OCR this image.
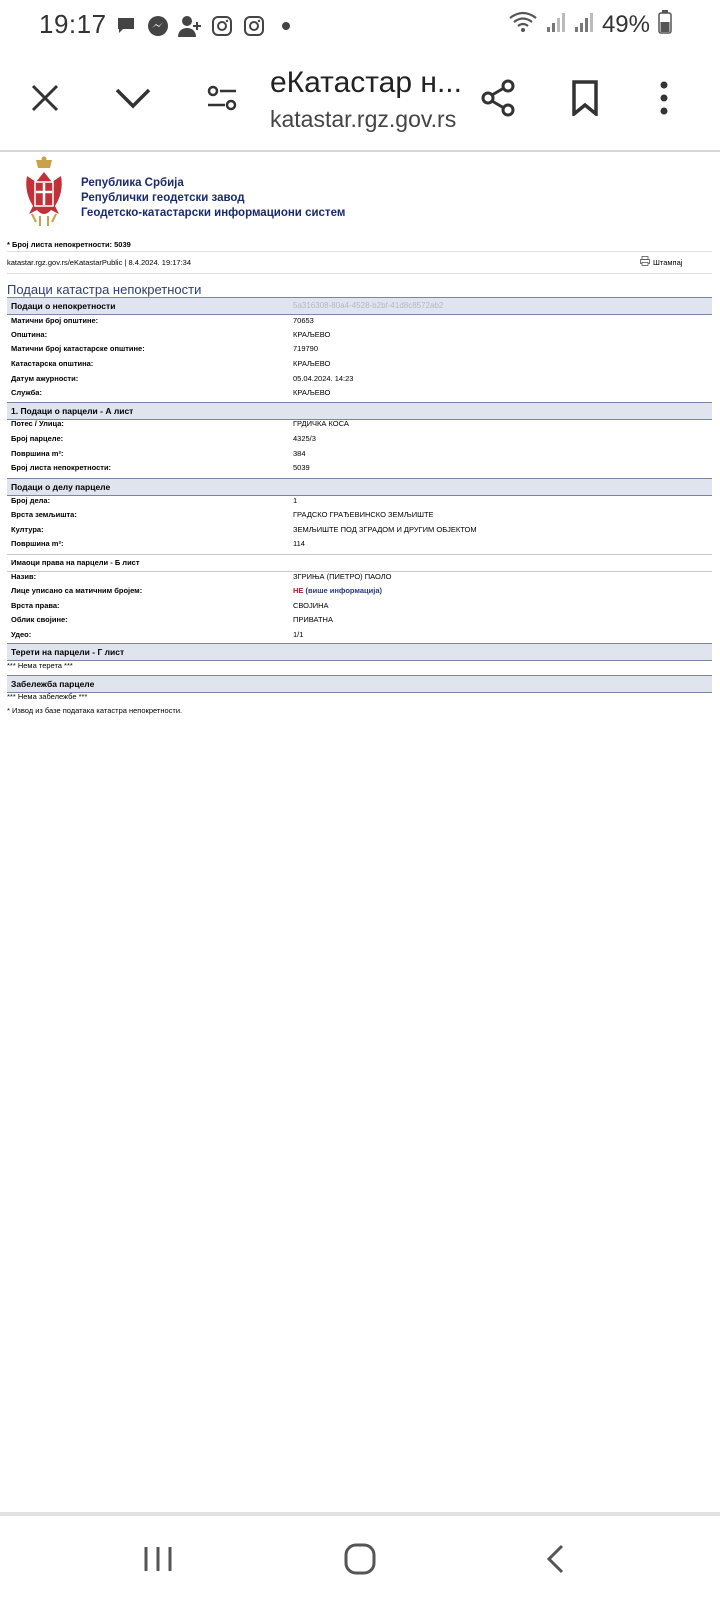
19:17	49%
eКатастар н...
katastar.rgz.gov.rs
Република Србија
Републички геодетски завод
Геодетско-катастарски информациони систем
* Број листа непокретности: 5039
katastar.rgz.gov.rs/eKatastarPublic | 8.4.2024. 19:17:34	Штампај
Подаци катастра непокретности
Подаци о непокретности	5a316308-80a4-4528-b2bf-41d8c8572ab2
Матични број општине:	70653
Општина:	КРАЉЕВО
Матични број катастарске општине:	719790
Катастарска општина:	КРАЉЕВО
Датум ажурности:	05.04.2024. 14:23
Служба:	КРАЉЕВО
1. Подаци о парцели - А лист
Потес / Улица:	ГРДИЧКА КОСА
Број парцеле:	4325/3
Површина m²:	384
Број листа непокретности:	5039
Подаци о делу парцеле
Број дела:	1
Врста земљишта:	ГРАДСКО ГРАЂЕВИНСКО ЗЕМЉИШТЕ
Култура:	ЗЕМЉИШТЕ ПОД ЗГРАДОМ И ДРУГИМ ОБЈЕКТОМ
Површина m²:	114
Имаоци права на парцели - Б лист
Назив:	ЗГРИЊА (ПИЕТРО) ПАОЛО
Лице уписано са матичним бројем:	НЕ (више информација)
Врста права:	СВОЈИНА
Облик својине:	ПРИВАТНА
Удео:	1/1
Терети на парцели - Г лист
*** Нема терета ***
Забележба парцеле
*** Нема забележбе ***
* Извод из базе података катастра непокретности.
